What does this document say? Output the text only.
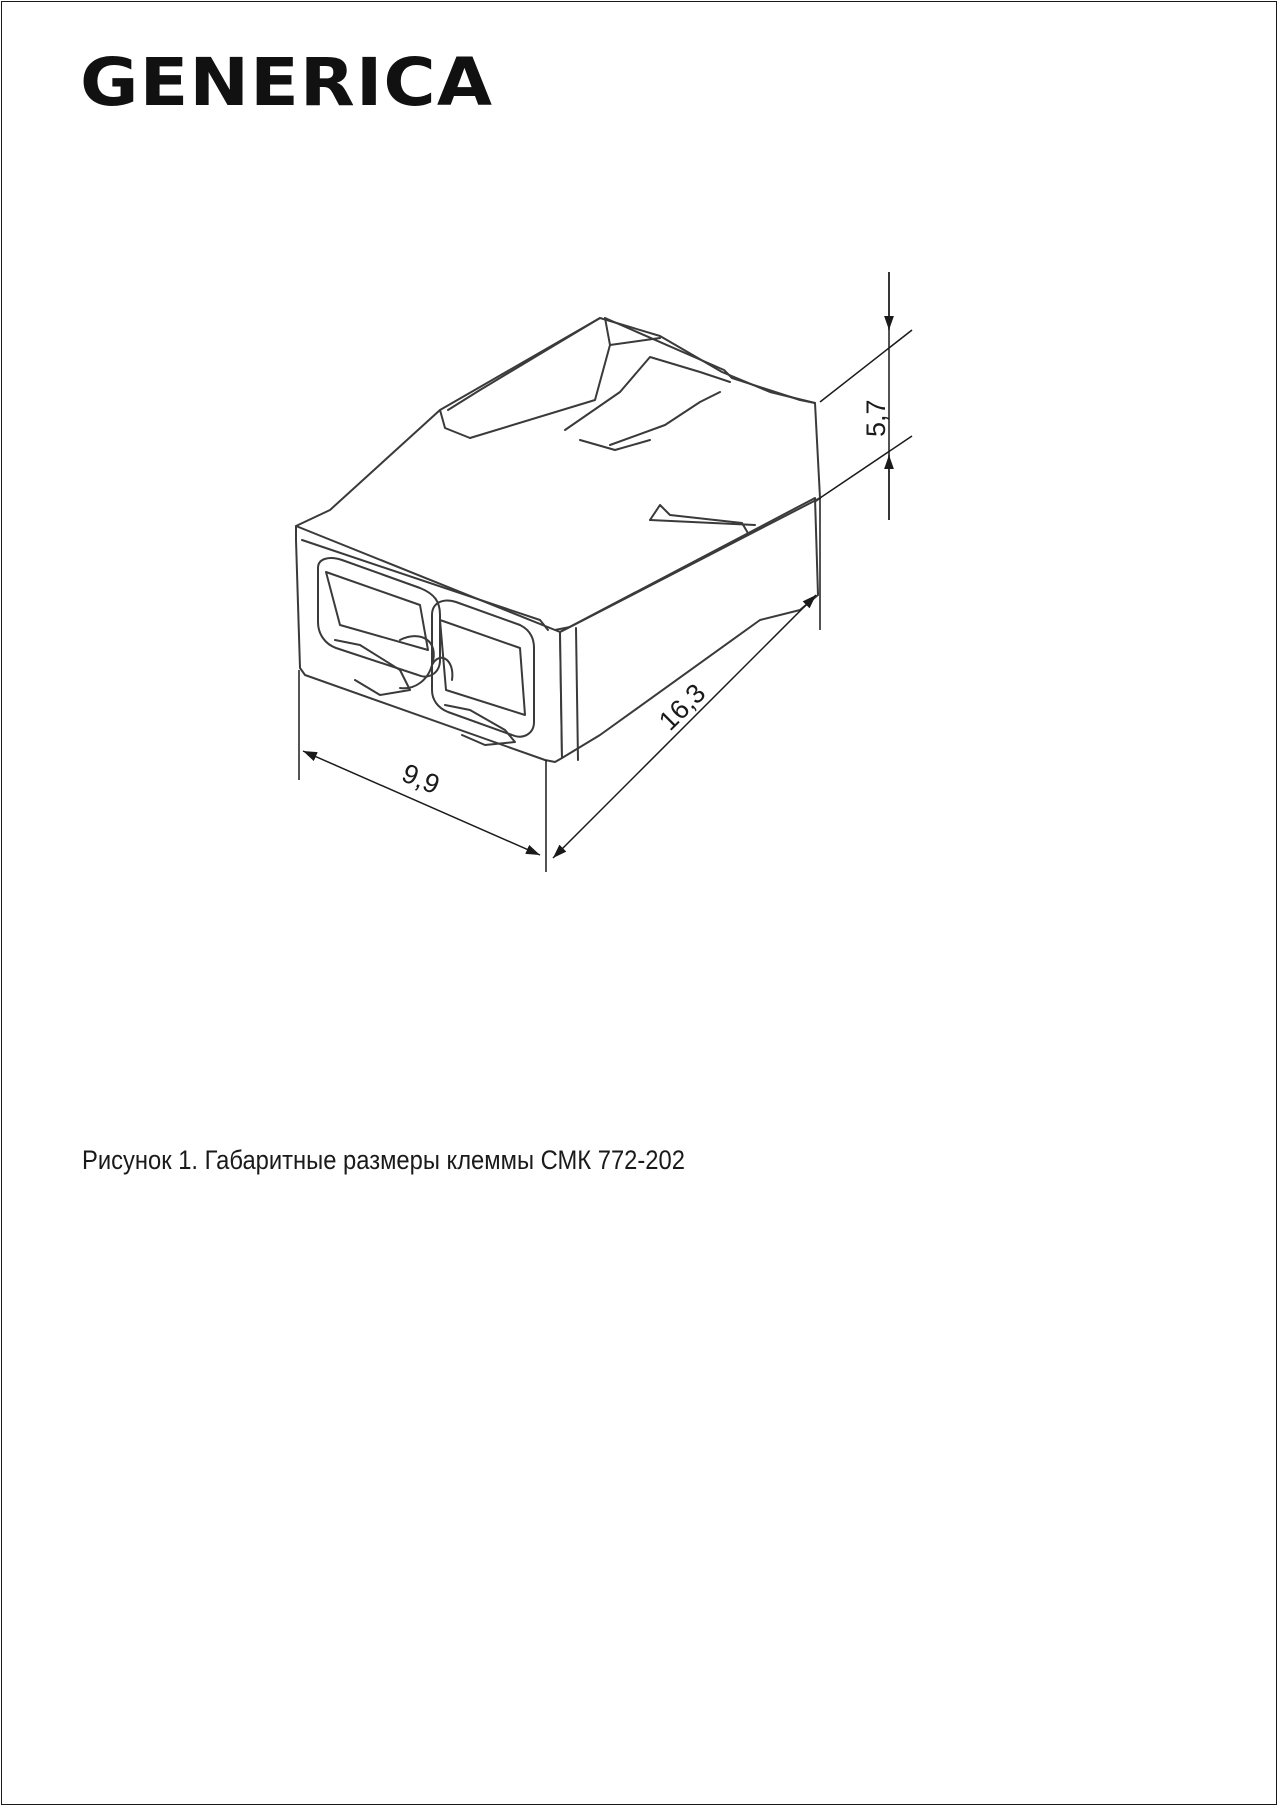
GENERICA
5,7
16,3
9,9
Рисунок 1. Габаритные размеры клеммы СМК 772-202
